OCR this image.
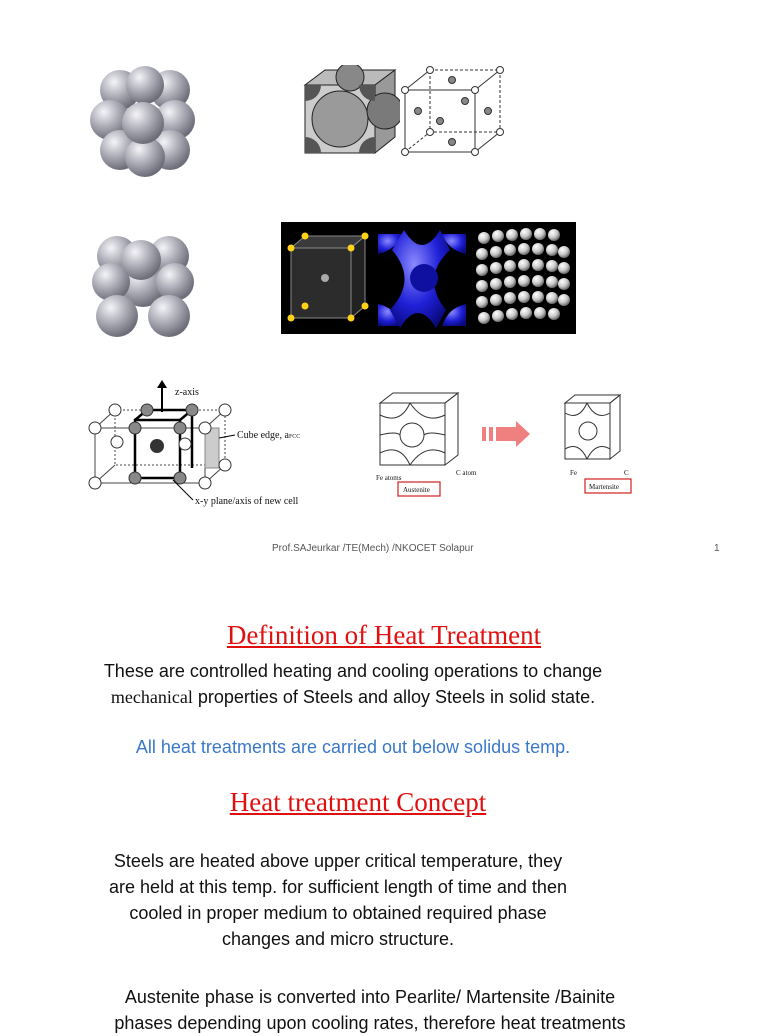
z-axis
Cube edge, aFCC
x-y plane/axis of new cell
Fe atoms
C atom
Austenite
Fe	C
Martensite
Prof.SAJeurkar /TE(Mech) /NKOCET Solapur	1
Definition of Heat Treatment
These are controlled heating and cooling operations to change
mechanical properties of Steels and alloy Steels in solid state.
All heat treatments are carried out below solidus temp.
Heat treatment Concept
Steels are heated above upper critical temperature, they
are held at this temp. for sufficient length of time and then
cooled in proper medium to obtained required phase
changes and micro structure.
Austenite phase is converted into Pearlite/ Martensite /Bainite
phases depending upon cooling rates, therefore heat treatments
